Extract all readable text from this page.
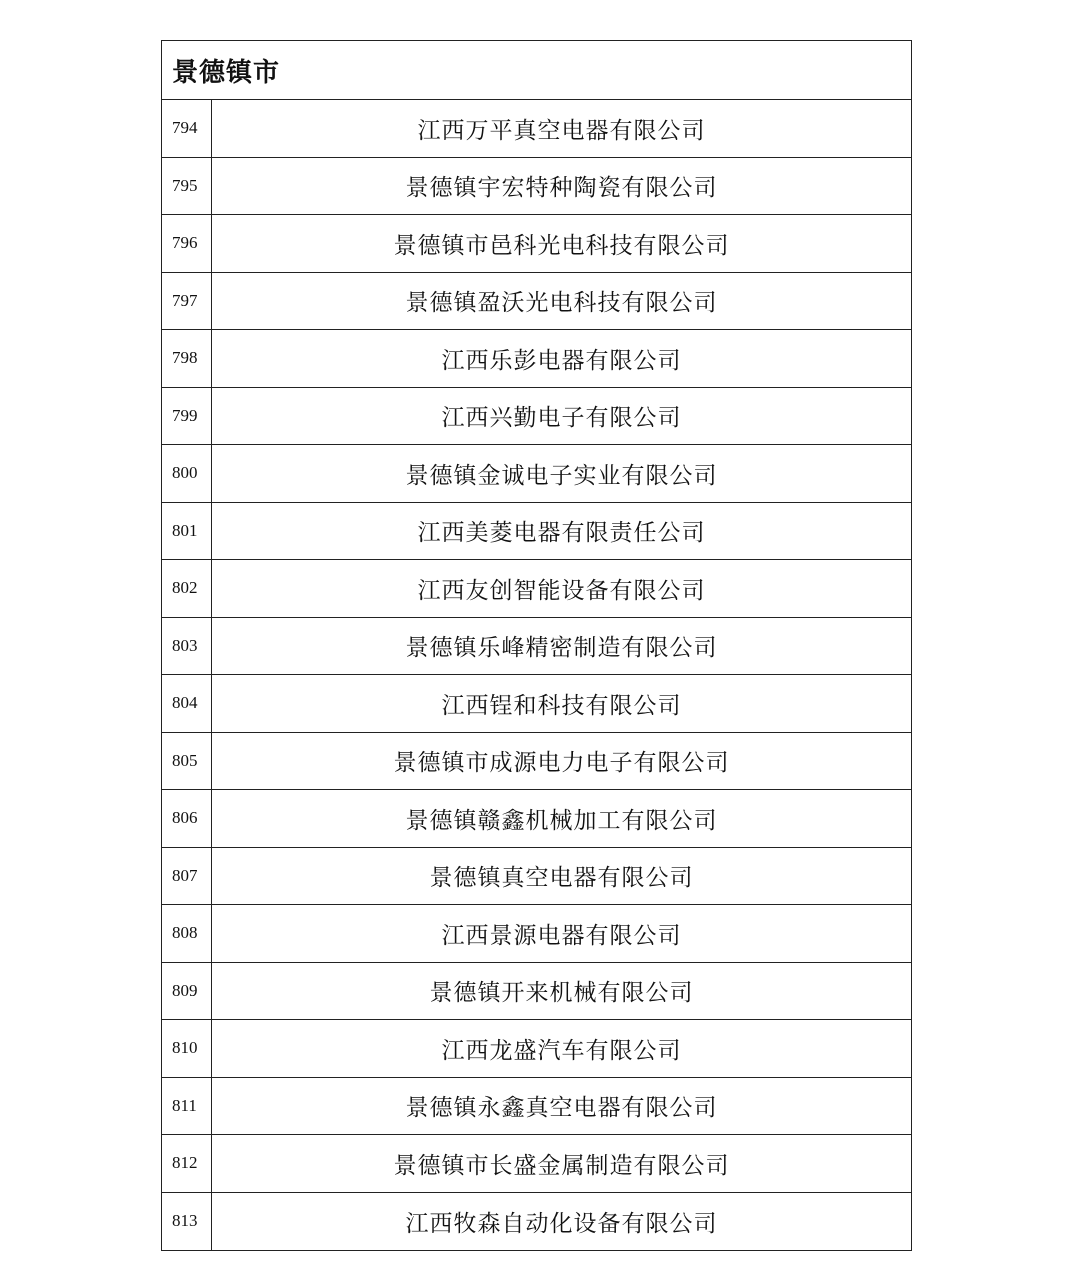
景德镇市
794	江西万平真空电器有限公司
795	景德镇宇宏特种陶瓷有限公司
796	景德镇市邑科光电科技有限公司
797	景德镇盈沃光电科技有限公司
798	江西乐彭电器有限公司
799	江西兴勤电子有限公司
800	景德镇金诚电子实业有限公司
801	江西美菱电器有限责任公司
802	江西友创智能设备有限公司
803	景德镇乐峰精密制造有限公司
804	江西锃和科技有限公司
805	景德镇市成源电力电子有限公司
806	景德镇赣鑫机械加工有限公司
807	景德镇真空电器有限公司
808	江西景源电器有限公司
809	景德镇开来机械有限公司
810	江西龙盛汽车有限公司
811	景德镇永鑫真空电器有限公司
812	景德镇市长盛金属制造有限公司
813	江西牧森自动化设备有限公司
